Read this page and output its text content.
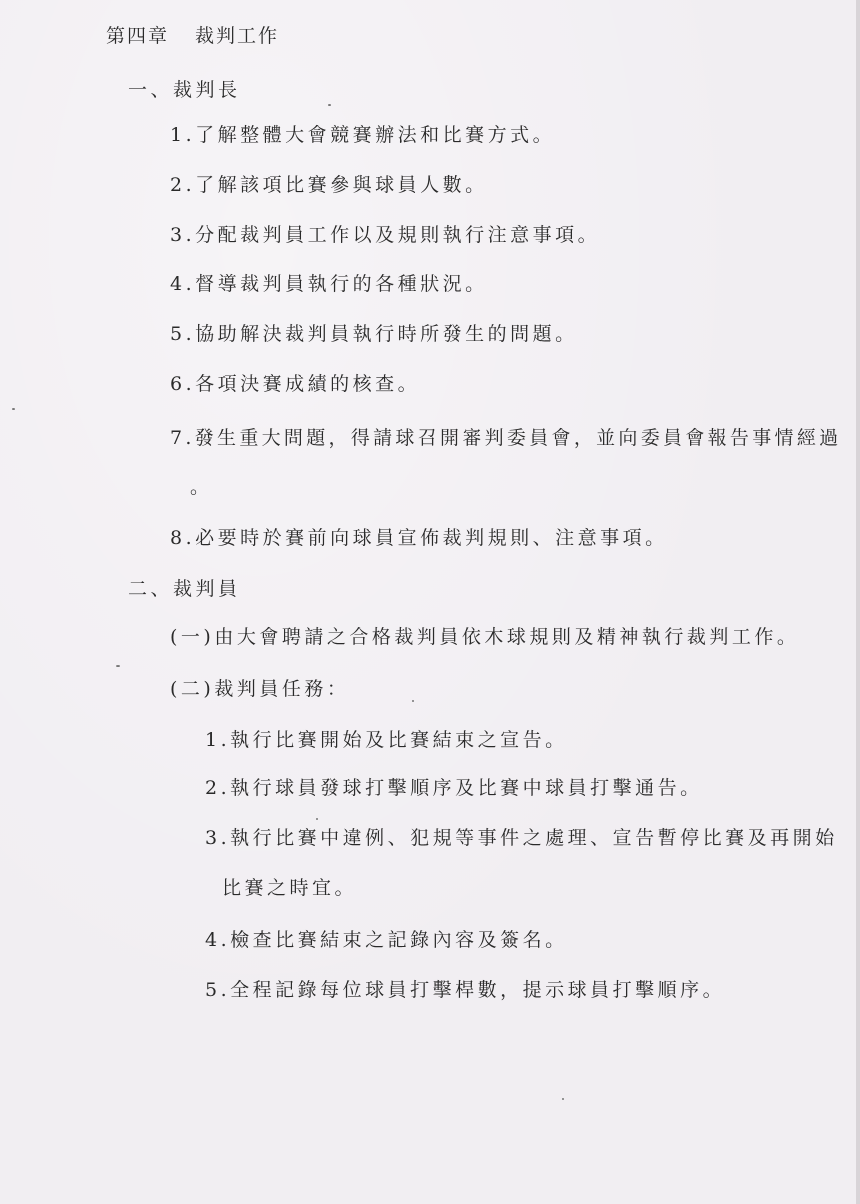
第四章 裁判工作
一、裁判長
1.了解整體大會競賽辦法和比賽方式。
2.了解該項比賽參與球員人數。
3.分配裁判員工作以及規則執行注意事項。
4.督導裁判員執行的各種狀況。
5.協助解決裁判員執行時所發生的問題。
6.各項決賽成績的核查。
7.發生重大問題，得請球召開審判委員會，並向委員會報告事情經過
。
8.必要時於賽前向球員宣佈裁判規則、注意事項。
二、裁判員
(一)由大會聘請之合格裁判員依木球規則及精神執行裁判工作。
(二)裁判員任務：
1.執行比賽開始及比賽結束之宣告。
2.執行球員發球打擊順序及比賽中球員打擊通告。
3.執行比賽中違例、犯規等事件之處理、宣告暫停比賽及再開始
比賽之時宜。
4.檢查比賽結束之記錄內容及簽名。
5.全程記錄每位球員打擊桿數，提示球員打擊順序。
